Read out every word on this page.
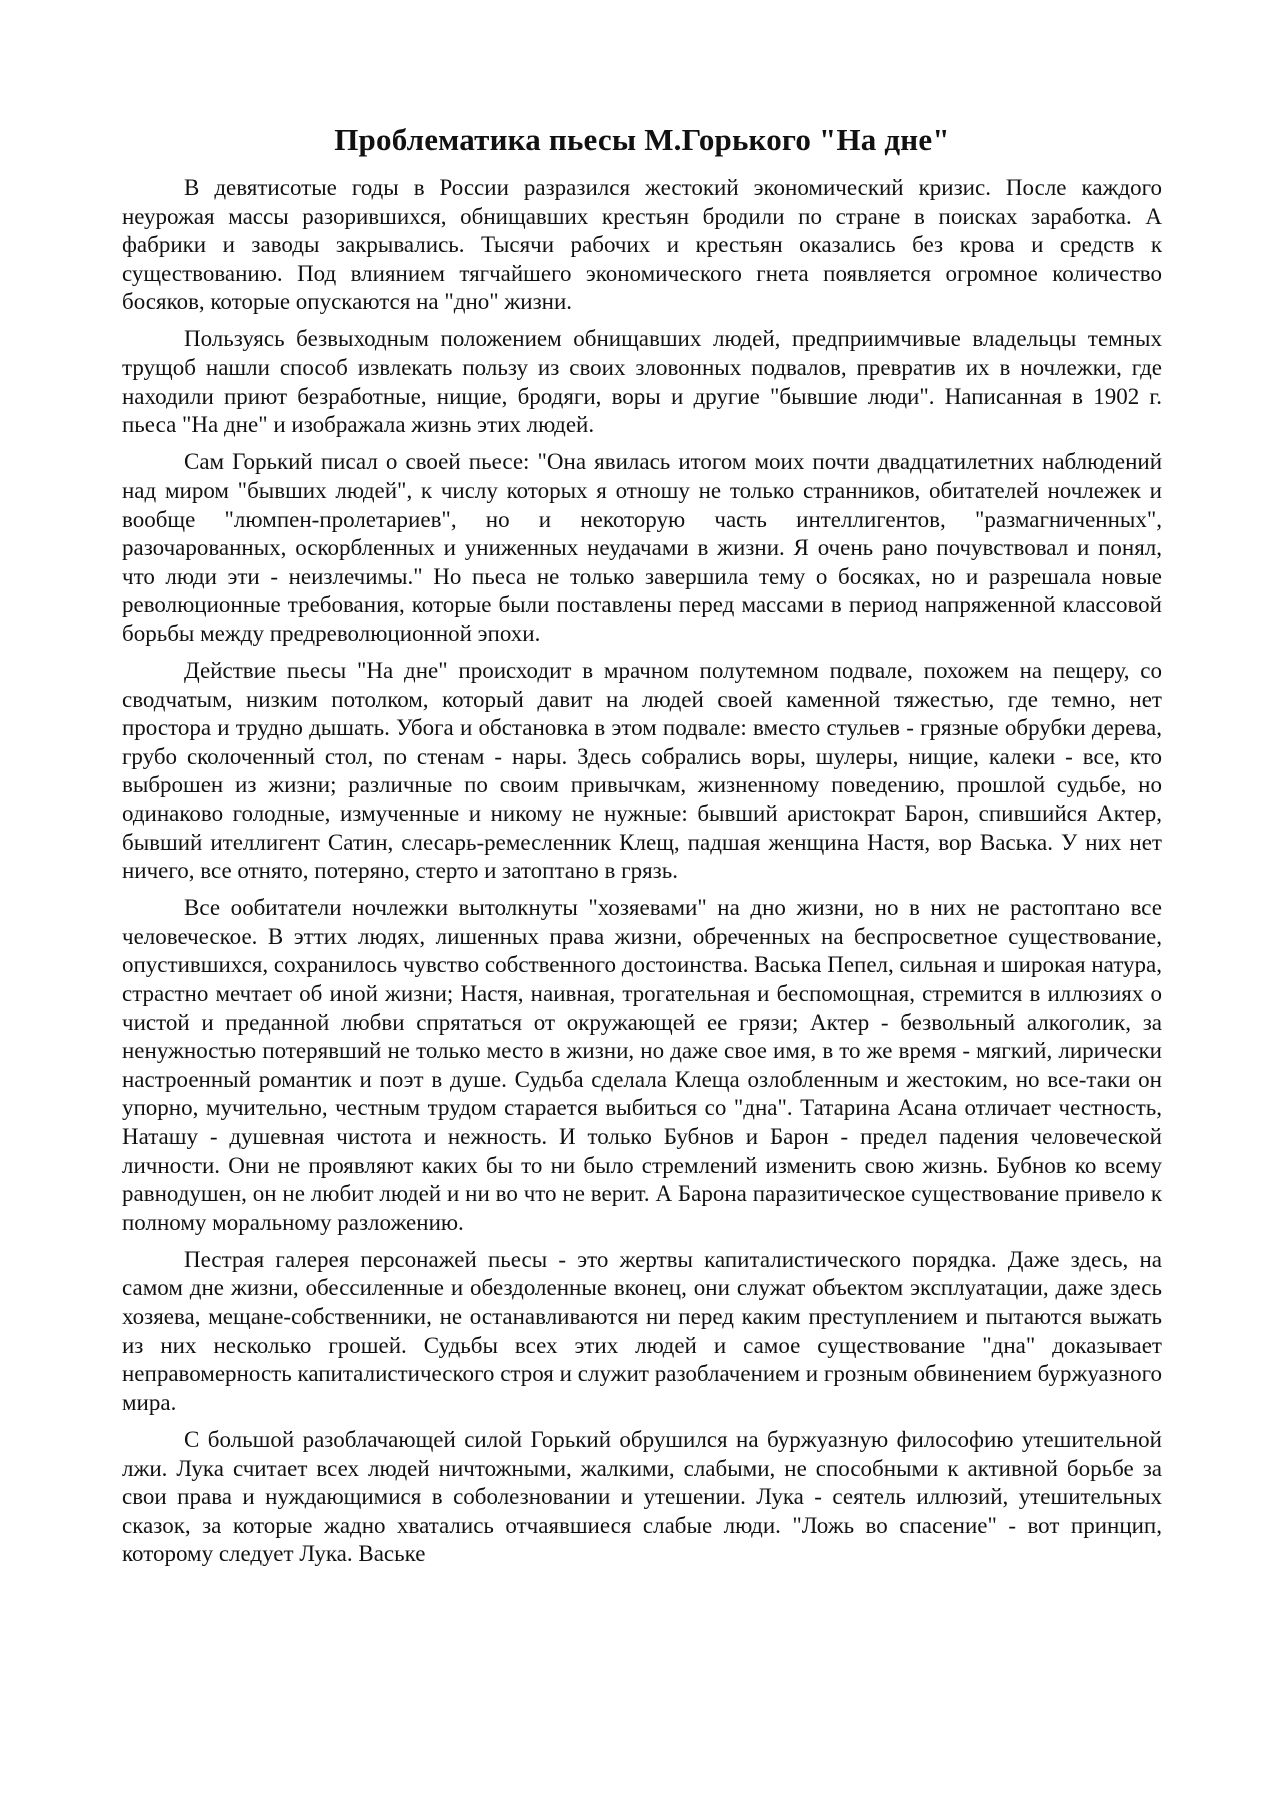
Проблематика пьесы М.Горького "На дне"

В девятисотые годы в России разразился жестокий экономический кризис. После каждого неурожая массы разорившихся, обнищавших крестьян бродили по стране в поисках заработка. А фабрики и заводы закрывались. Тысячи рабочих и крестьян оказались без крова и средств к существованию. Под влиянием тягчайшего экономического гнета появляется огромное количество босяков, которые опускаются на "дно" жизни.

Пользуясь безвыходным положением обнищавших людей, предприимчивые владельцы темных трущоб нашли способ извлекать пользу из своих зловонных подвалов, превратив их в ночлежки, где находили приют безработные, нищие, бродяги, воры и другие "бывшие люди". Написанная в 1902 г. пьеса "На дне" и изображала жизнь этих людей.

Сам Горький писал о своей пьесе: "Она явилась итогом моих почти двадцатилетних наблюдений над миром "бывших людей", к числу которых я отношу не только странников, обитателей ночлежек и вообще "люмпен-пролетариев", но и некоторую часть интеллигентов, "размагниченных", разочарованных, оскорбленных и униженных неудачами в жизни. Я очень рано почувствовал и понял, что люди эти - неизлечимы." Но пьеса не только завершила тему о босяках, но и разрешала новые революционные требования, которые были поставлены перед массами в период напряженной классовой борьбы между предреволюционной эпохи.

Действие пьесы "На дне" происходит в мрачном полутемном подвале, похожем на пещеру, со сводчатым, низким потолком, который давит на людей своей каменной тяжестью, где темно, нет простора и трудно дышать. Убога и обстановка в этом подвале: вместо стульев - грязные обрубки дерева, грубо сколоченный стол, по стенам - нары. Здесь собрались воры, шулеры, нищие, калеки - все, кто выброшен из жизни; различные по своим привычкам, жизненному поведению, прошлой судьбе, но одинаково голодные, измученные и никому не нужные: бывший аристократ Барон, спившийся Актер, бывший ителлигент Сатин, слесарь-ремесленник Клещ, падшая женщина Настя, вор Васька. У них нет ничего, все отнято, потеряно, стерто и затоптано в грязь.

Все ообитатели ночлежки вытолкнуты "хозяевами" на дно жизни, но в них не растоптано все человеческое. В эттих людях, лишенных права жизни, обреченных на беспросветное существование, опустившихся, сохранилось чувство собственного достоинства. Васька Пепел, сильная и широкая натура, страстно мечтает об иной жизни; Настя, наивная, трогательная и беспомощная, стремится в иллюзиях о чистой и преданной любви спрятаться от окружающей ее грязи; Актер - безвольный алкоголик, за ненужностью потерявший не только место в жизни, но даже свое имя, в то же время - мягкий, лирически настроенный романтик и поэт в душе. Судьба сделала Клеща озлобленным и жестоким, но все-таки он упорно, мучительно, честным трудом старается выбиться со "дна". Татарина Асана отличает честность, Наташу - душевная чистота и нежность. И только Бубнов и Барон - предел падения человеческой личности. Они не проявляют каких бы то ни было стремлений изменить свою жизнь. Бубнов ко всему равнодушен, он не любит людей и ни во что не верит. А Барона паразитическое существование привело к полному моральному разложению.

Пестрая галерея персонажей пьесы - это жертвы капиталистического порядка. Даже здесь, на самом дне жизни, обессиленные и обездоленные вконец, они служат объектом эксплуатации, даже здесь хозяева, мещане-собственники, не останавливаются ни перед каким преступлением и пытаются выжать из них несколько грошей. Судьбы всех этих людей и самое существование "дна" доказывает неправомерность капиталистического строя и служит разоблачением и грозным обвинением буржуазного мира.

С большой разоблачающей силой Горький обрушился на буржуазную философию утешительной лжи. Лука считает всех людей ничтожными, жалкими, слабыми, не способными к активной борьбе за свои права и нуждающимися в соболезновании и утешении. Лука - сеятель иллюзий, утешительных сказок, за которые жадно хватались отчаявшиеся слабые люди. "Ложь во спасение" - вот принцип, которому следует Лука. Ваське
